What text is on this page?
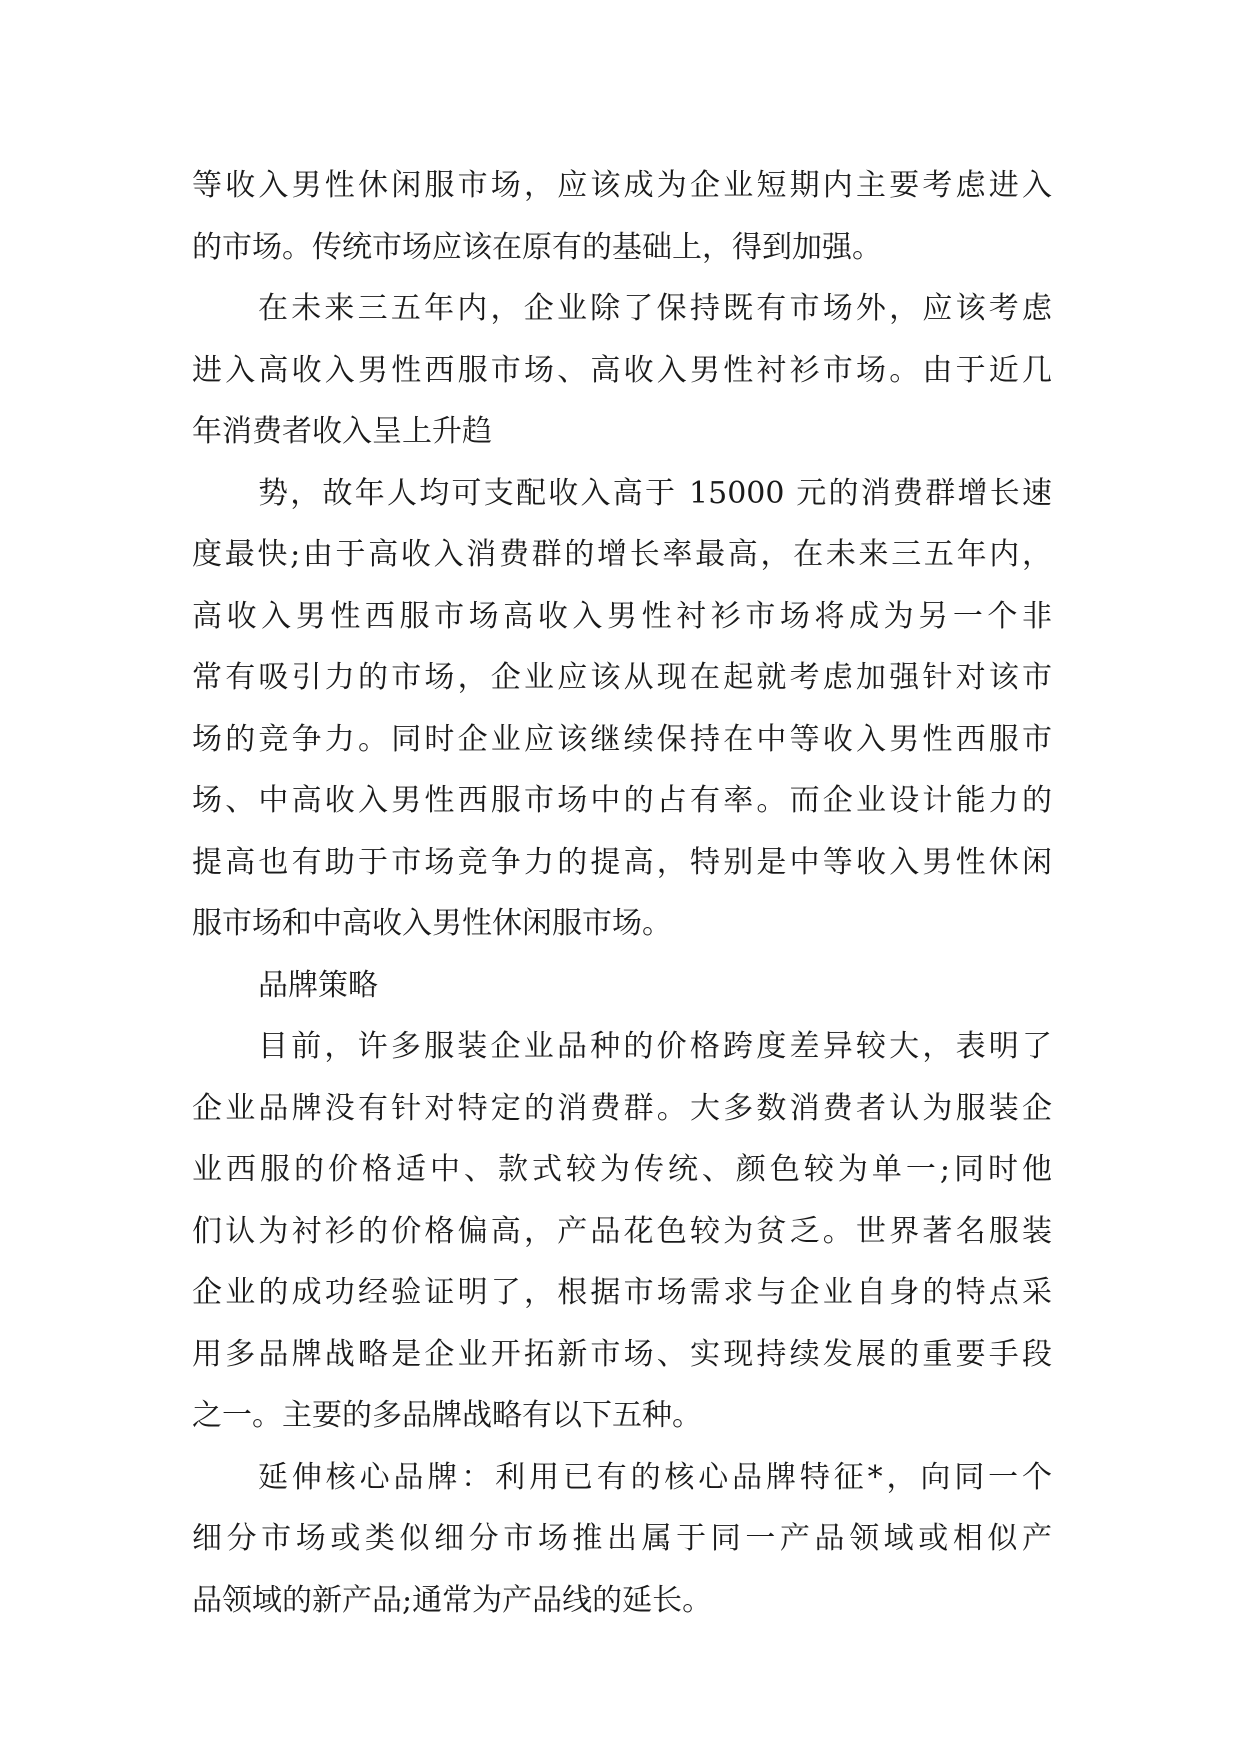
等收入男性休闲服市场，应该成为企业短期内主要考虑进入
的市场。传统市场应该在原有的基础上，得到加强。
在未来三五年内，企业除了保持既有市场外，应该考虑
进入高收入男性西服市场、高收入男性衬衫市场。由于近几
年消费者收入呈上升趋
势，故年人均可支配收入高于 15000 元的消费群增长速
度最快;由于高收入消费群的增长率最高，在未来三五年内，
高收入男性西服市场高收入男性衬衫市场将成为另一个非
常有吸引力的市场，企业应该从现在起就考虑加强针对该市
场的竞争力。同时企业应该继续保持在中等收入男性西服市
场、中高收入男性西服市场中的占有率。而企业设计能力的
提高也有助于市场竞争力的提高，特别是中等收入男性休闲
服市场和中高收入男性休闲服市场。
品牌策略
目前，许多服装企业品种的价格跨度差异较大，表明了
企业品牌没有针对特定的消费群。大多数消费者认为服装企
业西服的价格适中、款式较为传统、颜色较为单一;同时他
们认为衬衫的价格偏高，产品花色较为贫乏。世界著名服装
企业的成功经验证明了，根据市场需求与企业自身的特点采
用多品牌战略是企业开拓新市场、实现持续发展的重要手段
之一。主要的多品牌战略有以下五种。
延伸核心品牌：利用已有的核心品牌特征*，向同一个
细分市场或类似细分市场推出属于同一产品领域或相似产
品领域的新产品;通常为产品线的延长。
